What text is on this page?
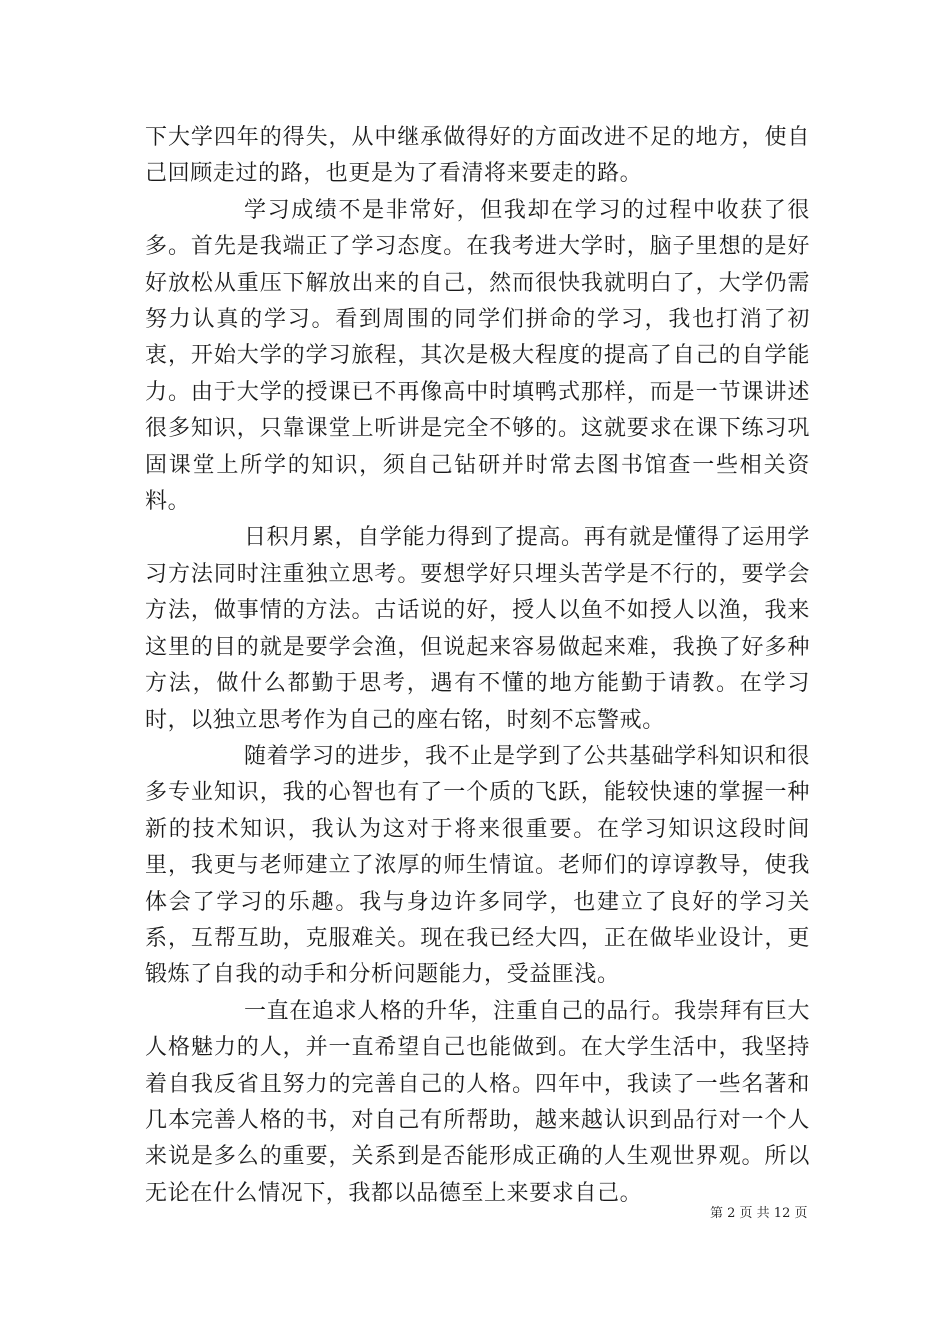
下大学四年的得失，从中继承做得好的方面改进不足的地方，使自己回顾走过的路，也更是为了看清将来要走的路。

学习成绩不是非常好，但我却在学习的过程中收获了很多。首先是我端正了学习态度。在我考进大学时，脑子里想的是好好放松从重压下解放出来的自己，然而很快我就明白了，大学仍需努力认真的学习。看到周围的同学们拼命的学习，我也打消了初衷，开始大学的学习旅程，其次是极大程度的提高了自己的自学能力。由于大学的授课已不再像高中时填鸭式那样，而是一节课讲述很多知识，只靠课堂上听讲是完全不够的。这就要求在课下练习巩固课堂上所学的知识，须自己钻研并时常去图书馆查一些相关资料。

日积月累，自学能力得到了提高。再有就是懂得了运用学习方法同时注重独立思考。要想学好只埋头苦学是不行的，要学会方法，做事情的方法。古话说的好，授人以鱼不如授人以渔，我来这里的目的就是要学会渔，但说起来容易做起来难，我换了好多种方法，做什么都勤于思考，遇有不懂的地方能勤于请教。在学习时，以独立思考作为自己的座右铭，时刻不忘警戒。

随着学习的进步，我不止是学到了公共基础学科知识和很多专业知识，我的心智也有了一个质的飞跃，能较快速的掌握一种新的技术知识，我认为这对于将来很重要。在学习知识这段时间里，我更与老师建立了浓厚的师生情谊。老师们的谆谆教导，使我体会了学习的乐趣。我与身边许多同学，也建立了良好的学习关系，互帮互助，克服难关。现在我已经大四，正在做毕业设计，更锻炼了自我的动手和分析问题能力，受益匪浅。

一直在追求人格的升华，注重自己的品行。我崇拜有巨大人格魅力的人，并一直希望自己也能做到。在大学生活中，我坚持着自我反省且努力的完善自己的人格。四年中，我读了一些名著和几本完善人格的书，对自己有所帮助，越来越认识到品行对一个人来说是多么的重要，关系到是否能形成正确的人生观世界观。所以无论在什么情况下，我都以品德至上来要求自己。

第 2 页 共 12 页
